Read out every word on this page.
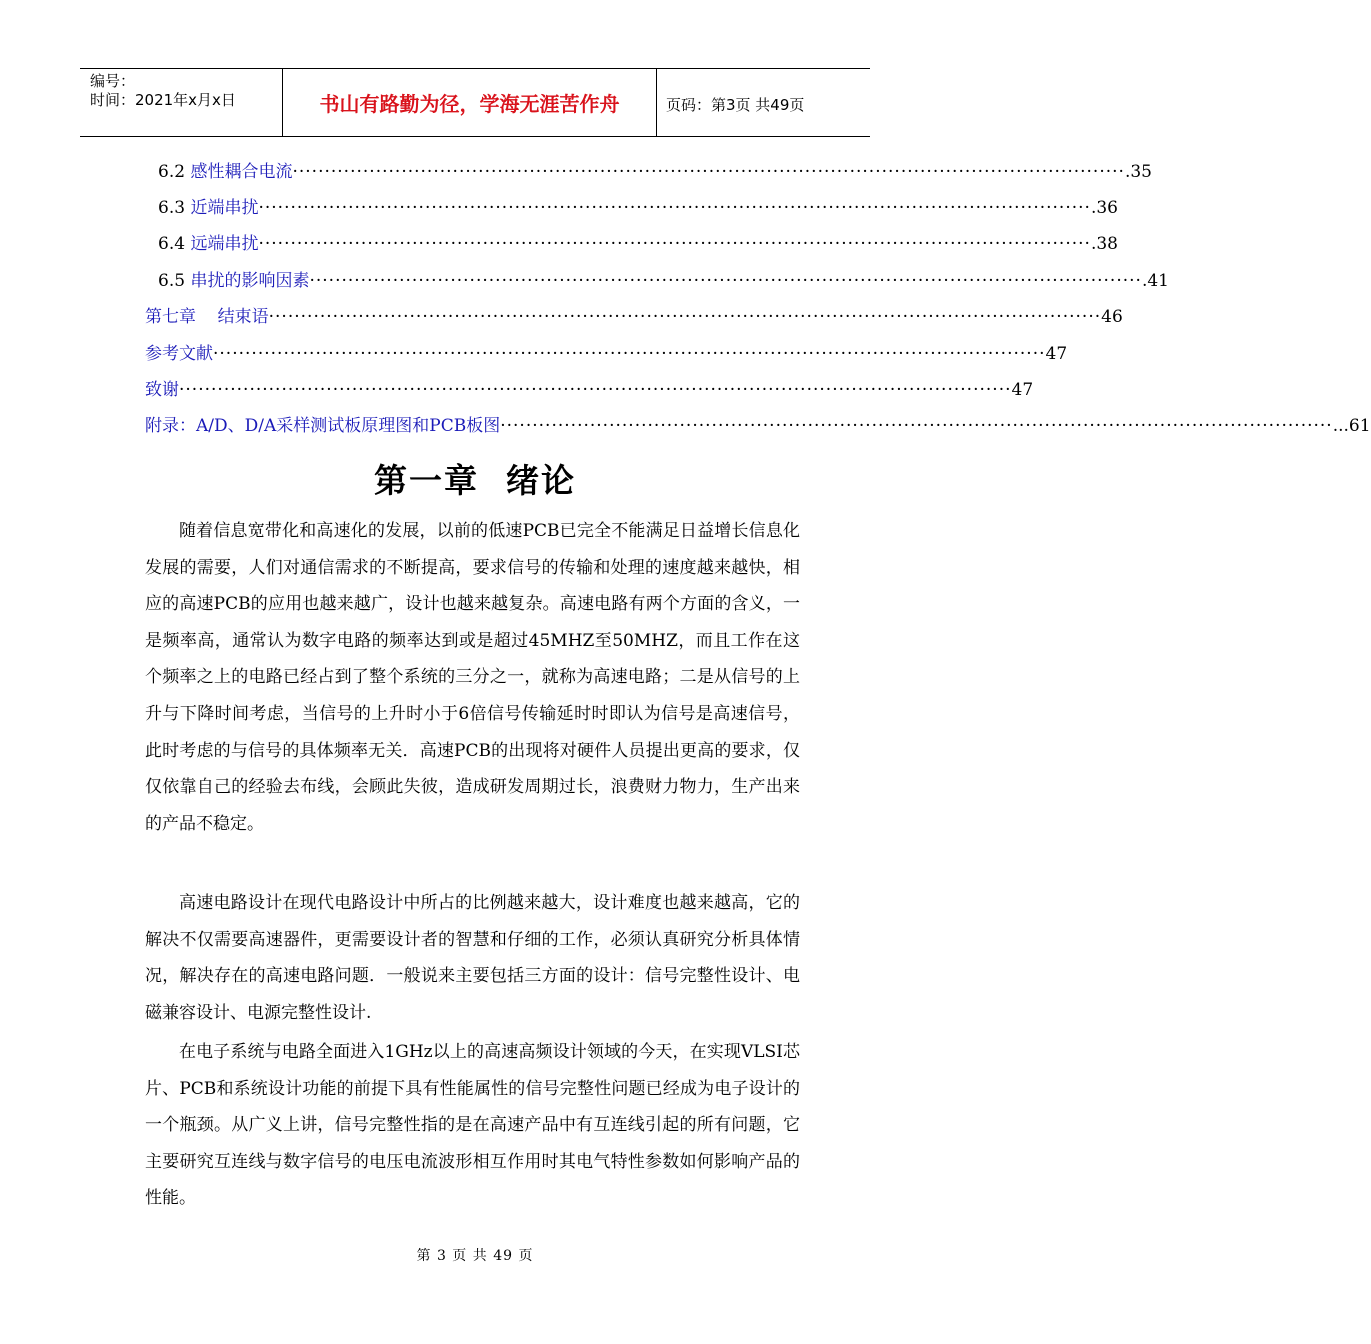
编号：
时间：2021年x月x日	书山有路勤为径，学海无涯苦作舟	页码：第3页 共49页
6.2
感性耦合电流 ·································································································································· .35
6.3
近端串扰 ·································································································································· .36
6.4
远端串扰 ·································································································································· .38
6.5
串扰的影响因素 ·································································································································· .41
第七章    结束语 ·································································································································· 46
参考文献 ·································································································································· 47
致谢 ·································································································································· 47
附录：A/D、D/A采样测试板原理图和PCB板图 ·································································································································· ...61
第一章  绪论

随着信息宽带化和高速化的发展，以前的低速PCB已完全不能满足日益增长信息化发展的需要，人们对通信需求的不断提高，要求信号的传输和处理的速度越来越快，相应的高速PCB的应用也越来越广，设计也越来越复杂。高速电路有两个方面的含义，一是频率高，通常认为数字电路的频率达到或是超过45MHZ至50MHZ，而且工作在这个频率之上的电路已经占到了整个系统的三分之一，就称为高速电路；二是从信号的上升与下降时间考虑，当信号的上升时小于6倍信号传输延时时即认为信号是高速信号，此时考虑的与信号的具体频率无关．高速PCB的出现将对硬件人员提出更高的要求，仅仅依靠自己的经验去布线，会顾此失彼，造成研发周期过长，浪费财力物力，生产出来的产品不稳定。

高速电路设计在现代电路设计中所占的比例越来越大，设计难度也越来越高，它的解决不仅需要高速器件，更需要设计者的智慧和仔细的工作，必须认真研究分析具体情况，解决存在的高速电路问题．一般说来主要包括三方面的设计：信号完整性设计、电磁兼容设计、电源完整性设计.

在电子系统与电路全面进入1GHz以上的高速高频设计领域的今天，在实现VLSI芯片、PCB和系统设计功能的前提下具有性能属性的信号完整性问题已经成为电子设计的一个瓶颈。从广义上讲，信号完整性指的是在高速产品中有互连线引起的所有问题，它主要研究互连线与数字信号的电压电流波形相互作用时其电气特性参数如何影响产品的性能。

第 3 页 共 49 页
